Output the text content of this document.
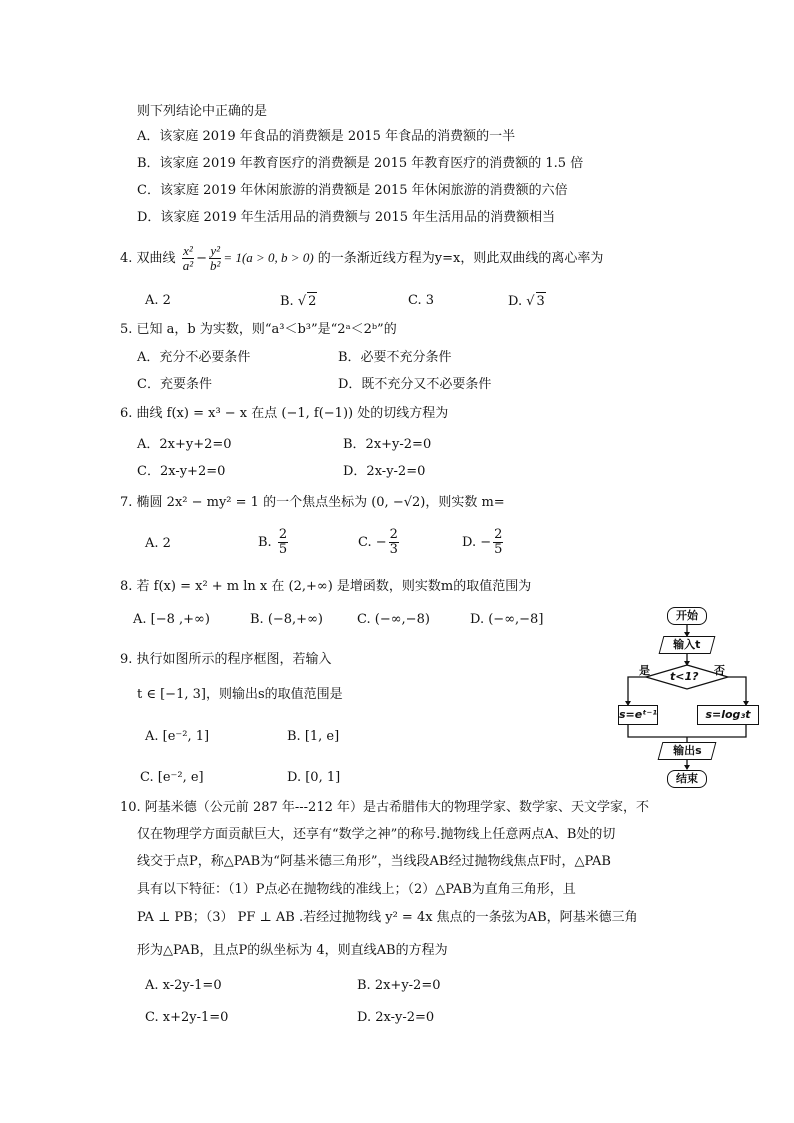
则下列结论中正确的是
A．该家庭 2019 年食品的消费额是 2015 年食品的消费额的一半
B．该家庭 2019 年教育医疗的消费额是 2015 年教育医疗的消费额的 1.5 倍
C．该家庭 2019 年休闲旅游的消费额是 2015 年休闲旅游的消费额的六倍
D．该家庭 2019 年生活用品的消费额与 2015 年生活用品的消费额相当
4. 双曲线 $\frac{\text{x²}}{\text{a²}} - \frac{\text{y²}}{\text{b²}} = 1(a > 0$, b > 0) 的一条渐近线方程为y=x，则此双曲线的离心率为
A. 2	B. √ 2	C. 3	D. √ 3
5. 已知 a，b 为实数，则“a³＜b³”是“2ᵃ＜2ᵇ”的
A．充分不必要条件	B．必要不充分条件
C．充要条件	D．既不充分又不必要条件
6. 曲线 f(x) = x³ − x 在点 (−1, f(−1)) 处的切线方程为
A．2x+y+2=0	B．2x+y-2=0
C．2x-y+2=0	D．2x-y-2=0
7. 椭圆 2x² − my² = 1 的一个焦点坐标为 (0, −√2)，则实数 m=
A. 2	B. $\frac{2}{5}$	C. − $\frac{2}{3}$	D. − $\frac{2}{5}$
8. 若 f(x) = x² + m ln x 在 (2,+∞) 是增函数，则实数m的取值范围为
A. [−8 ,+∞)	B. (−8,+∞)	C. (−∞,−8)	D. (−∞,−8]
9. 执行如图所示的程序框图，若输入
t ∈ [−1, 3]，则输出s的取值范围是
A. [e⁻², 1]	B. [1, e]
C. [e⁻², e]	D. [0, 1]
开始
输入t
t<1?
是	否
s=eᵗ⁻¹	s=log₃t
输出s
结束
10. 阿基米德（公元前 287 年---212 年）是古希腊伟大的物理学家、数学家、天文学家，不
仅在物理学方面贡献巨大，还享有“数学之神”的称号.抛物线上任意两点A、B处的切
线交于点P，称△PAB为“阿基米德三角形”，当线段AB经过抛物线焦点F时，△PAB
具有以下特征：（1）P点必在抛物线的准线上；（2）△PAB为直角三角形，且
PA ⊥ PB；（3） PF ⊥ AB .若经过抛物线 y² = 4x 焦点的一条弦为AB，阿基米德三角
形为△PAB，且点P的纵坐标为 4，则直线AB的方程为
A. x-2y-1=0	B. 2x+y-2=0
C. x+2y-1=0	D. 2x-y-2=0
